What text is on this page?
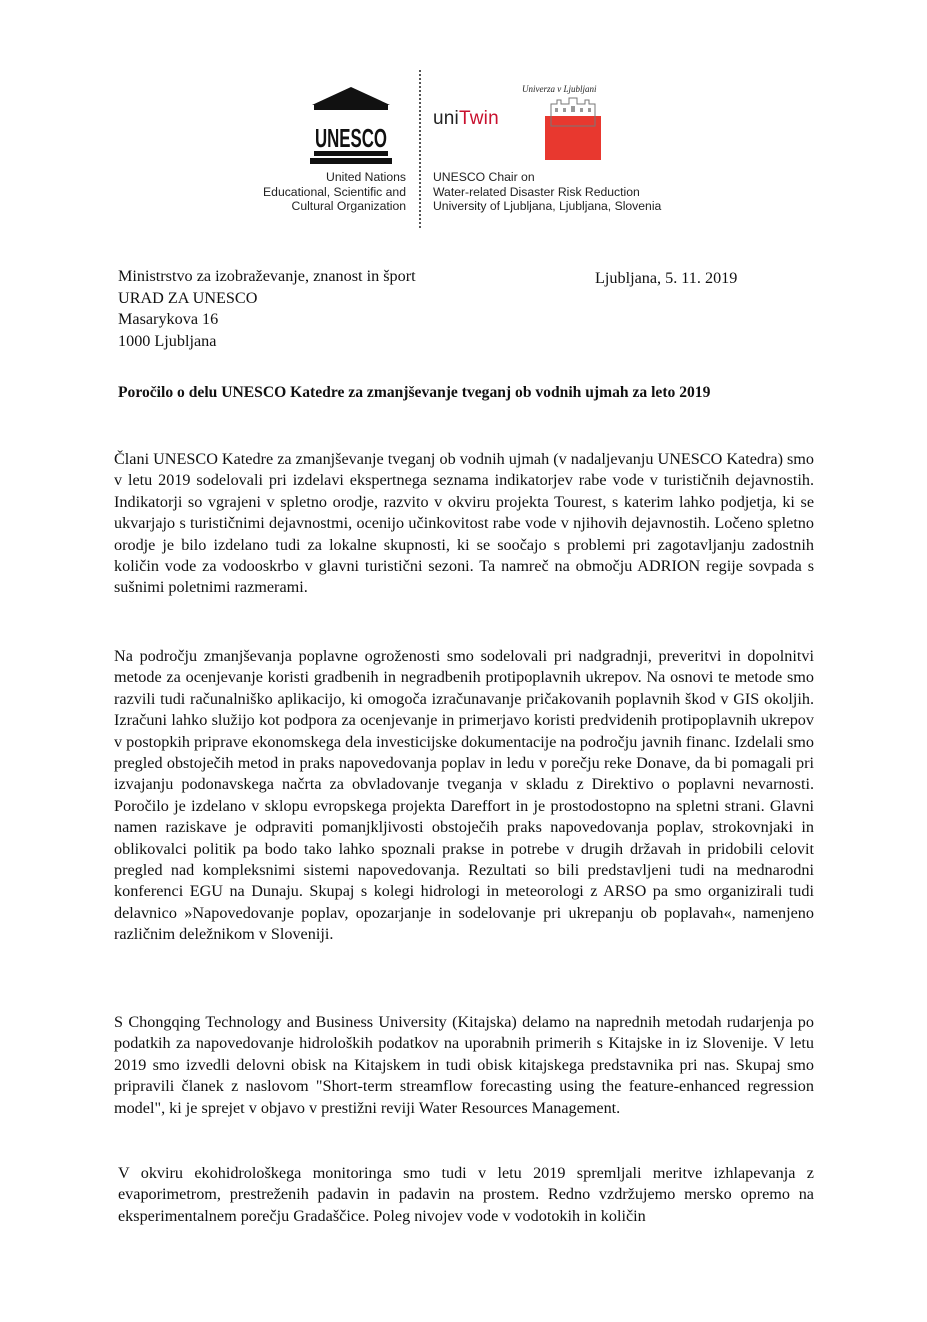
UNESCO
United Nations
Educational, Scientific and
Cultural Organization
uniTwin
Univerza v Ljubljani
UNESCO Chair on
Water-related Disaster Risk Reduction
University of Ljubljana, Ljubljana, Slovenia
Ministrstvo za izobraževanje, znanost in šport
URAD ZA UNESCO
Masarykova 16
1000 Ljubljana
Ljubljana, 5. 11. 2019
Poročilo o delu UNESCO Katedre za zmanjševanje tveganj ob vodnih ujmah za leto 2019
Člani UNESCO Katedre za zmanjševanje tveganj ob vodnih ujmah (v nadaljevanju UNESCO Katedra) smo v letu 2019 sodelovali pri izdelavi ekspertnega seznama indikatorjev rabe vode v turističnih dejavnostih. Indikatorji so vgrajeni v spletno orodje, razvito v okviru projekta Tourest, s katerim lahko podjetja, ki se ukvarjajo s turističnimi dejavnostmi, ocenijo učinkovitost rabe vode v njihovih dejavnostih. Ločeno spletno orodje je bilo izdelano tudi za lokalne skupnosti, ki se soočajo s problemi pri zagotavljanju zadostnih količin vode za vodooskrbo v glavni turistični sezoni. Ta namreč na območju ADRION regije sovpada s sušnimi poletnimi razmerami.
Na področju zmanjševanja poplavne ogroženosti smo sodelovali pri nadgradnji, preveritvi in dopolnitvi metode za ocenjevanje koristi gradbenih in negradbenih protipoplavnih ukrepov. Na osnovi te metode smo razvili tudi računalniško aplikacijo, ki omogoča izračunavanje pričakovanih poplavnih škod v GIS okoljih. Izračuni lahko služijo kot podpora za ocenjevanje in primerjavo koristi predvidenih protipoplavnih ukrepov v postopkih priprave ekonomskega dela investicijske dokumentacije na področju javnih financ. Izdelali smo pregled obstoječih metod in praks napovedovanja poplav in ledu v porečju reke Donave, da bi pomagali pri izvajanju podonavskega načrta za obvladovanje tveganja v skladu z Direktivo o poplavni nevarnosti. Poročilo je izdelano v sklopu evropskega projekta Dareffort in je prostodostopno na spletni strani. Glavni namen raziskave je odpraviti pomanjkljivosti obstoječih praks napovedovanja poplav, strokovnjaki in oblikovalci politik pa bodo tako lahko spoznali prakse in potrebe v drugih državah in pridobili celovit pregled nad kompleksnimi sistemi napovedovanja. Rezultati so bili predstavljeni tudi na mednarodni konferenci EGU na Dunaju. Skupaj s kolegi hidrologi in meteorologi z ARSO pa smo organizirali tudi delavnico »Napovedovanje poplav, opozarjanje in sodelovanje pri ukrepanju ob poplavah«, namenjeno različnim deležnikom v Sloveniji.
S Chongqing Technology and Business University (Kitajska) delamo na naprednih metodah rudarjenja po podatkih za napovedovanje hidroloških podatkov na uporabnih primerih s Kitajske in iz Slovenije. V letu 2019 smo izvedli delovni obisk na Kitajskem in tudi obisk kitajskega predstavnika pri nas. Skupaj smo pripravili članek z naslovom "Short-term streamflow forecasting using the feature-enhanced regression model", ki je sprejet v objavo v prestižni reviji Water Resources Management.
V okviru ekohidrološkega monitoringa smo tudi v letu 2019 spremljali meritve izhlapevanja z evaporimetrom, prestreženih padavin in padavin na prostem. Redno vzdržujemo mersko opremo na eksperimentalnem porečju Gradaščice. Poleg nivojev vode v vodotokih in količin
